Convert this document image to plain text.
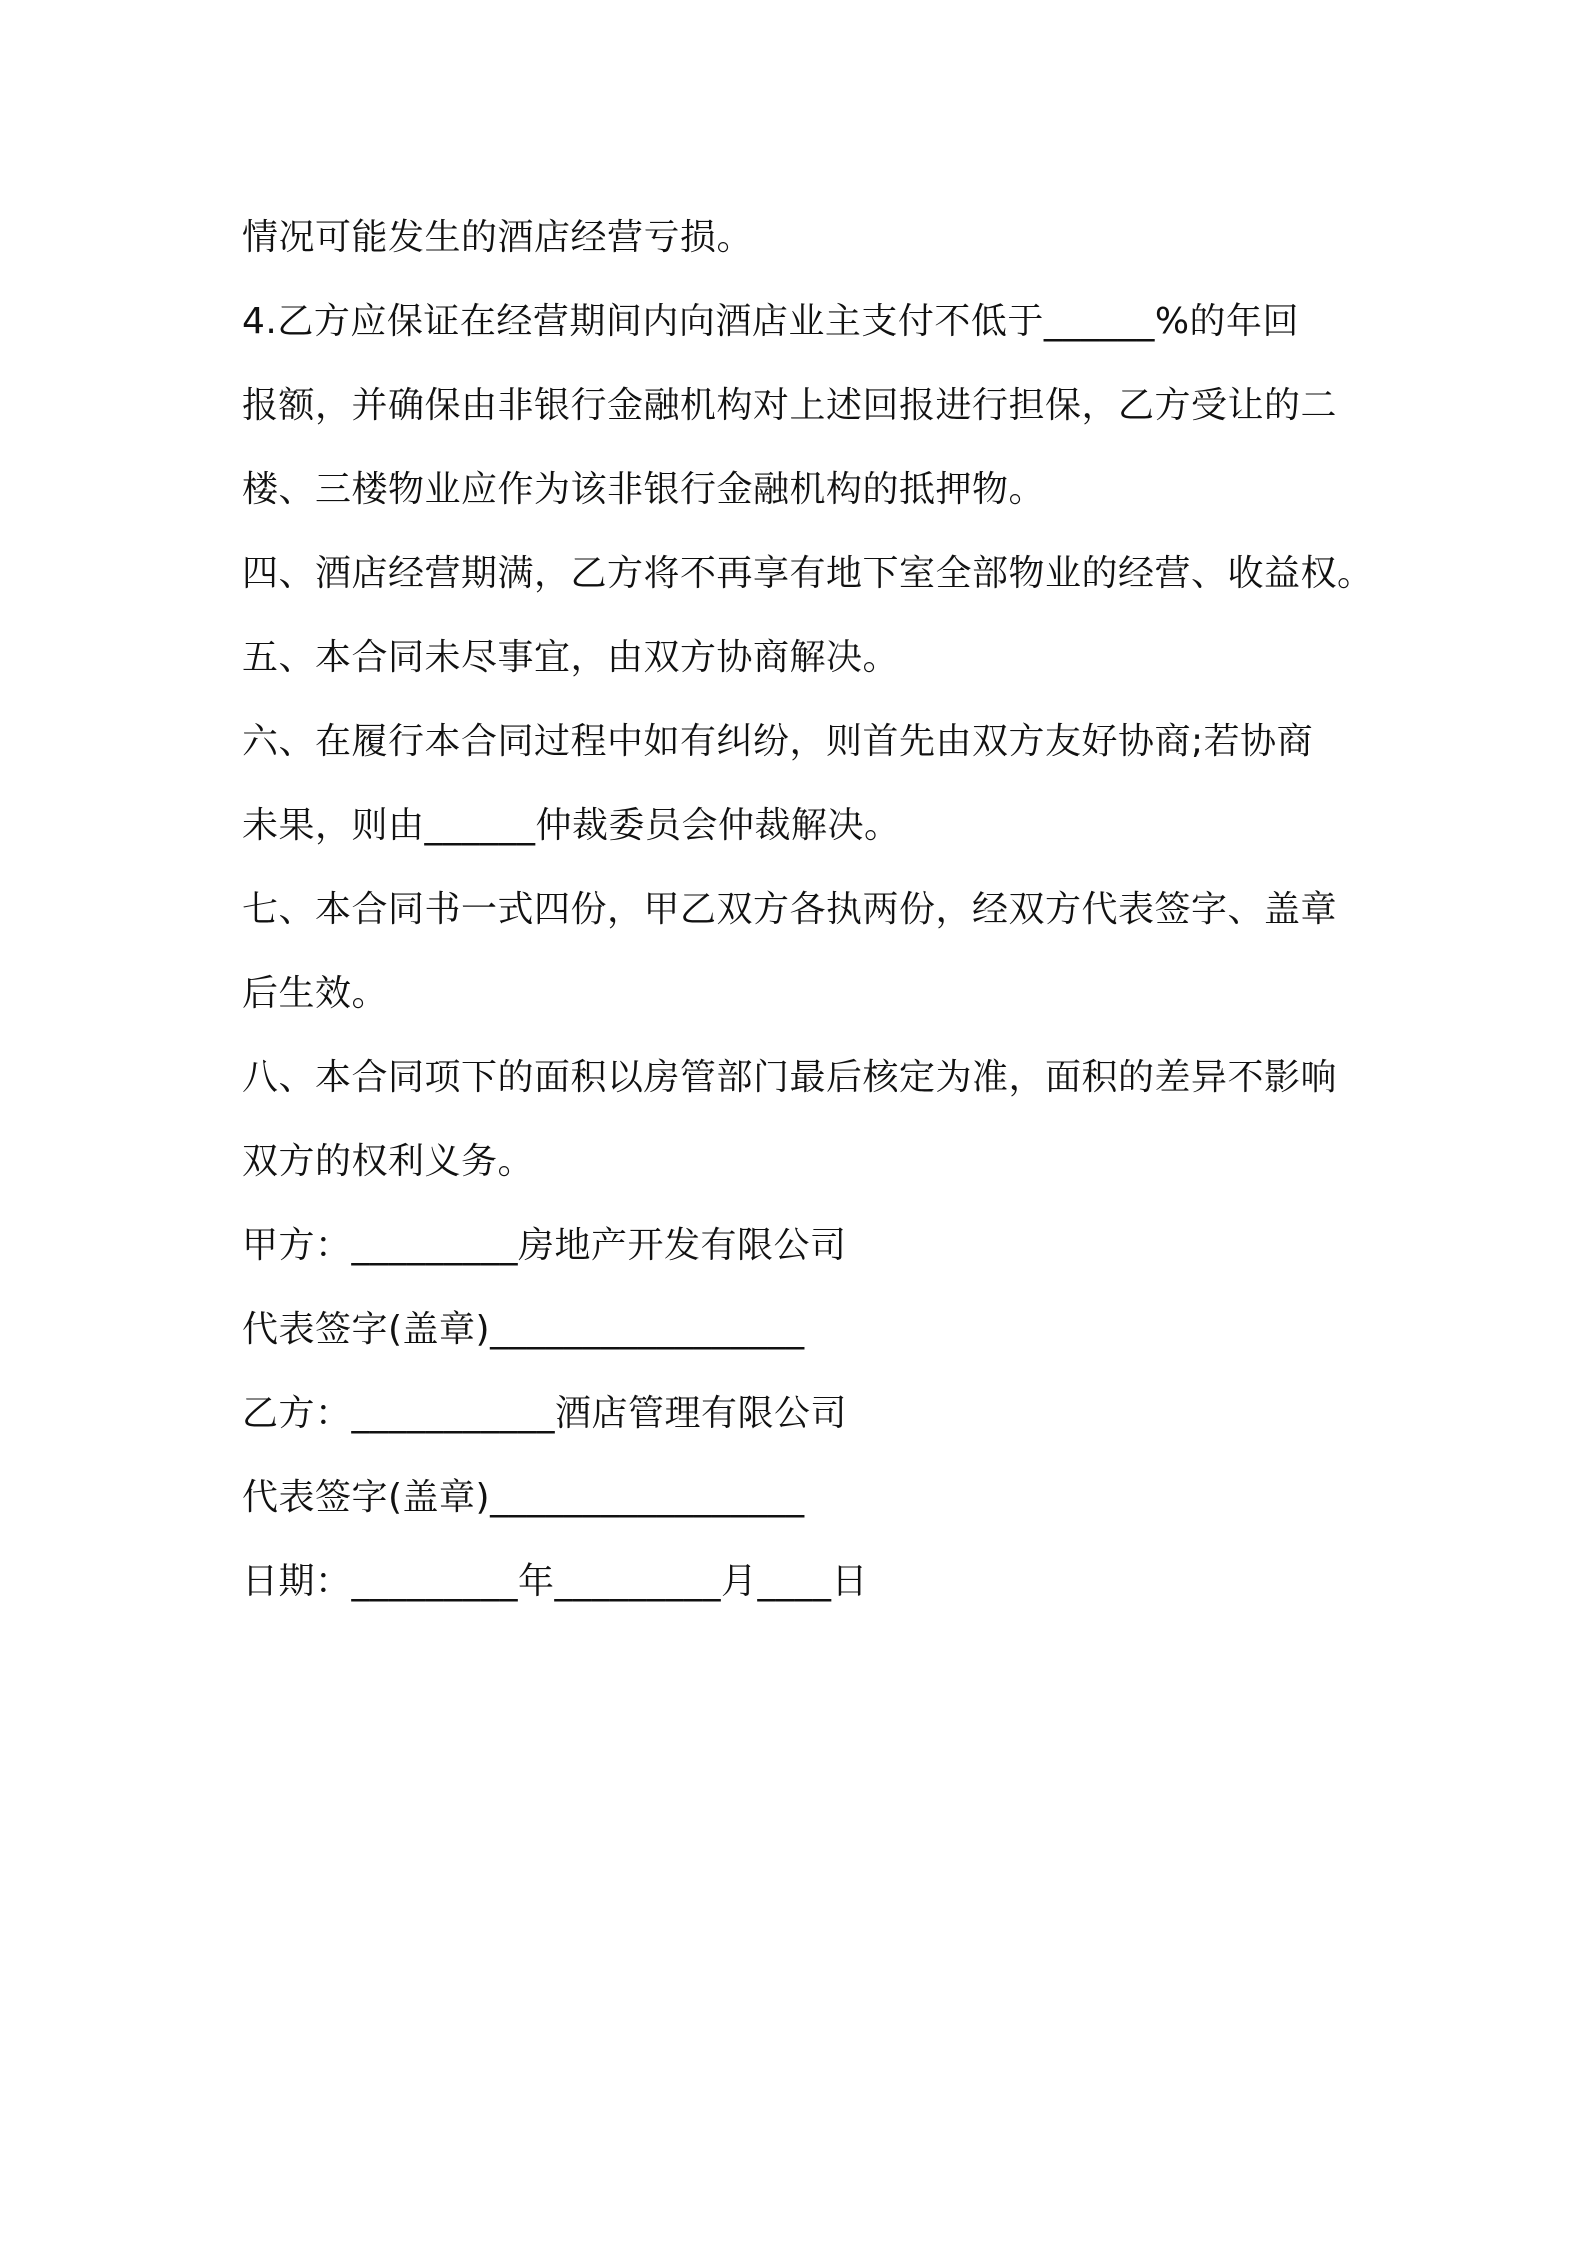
情况可能发生的酒店经营亏损。
4.乙方应保证在经营期间内向酒店业主支付不低于______%的年回
报额，并确保由非银行金融机构对上述回报进行担保，乙方受让的二
楼、三楼物业应作为该非银行金融机构的抵押物。
四、酒店经营期满，乙方将不再享有地下室全部物业的经营、收益权。
五、本合同未尽事宜，由双方协商解决。
六、在履行本合同过程中如有纠纷，则首先由双方友好协商;若协商
未果，则由______仲裁委员会仲裁解决。
七、本合同书一式四份，甲乙双方各执两份，经双方代表签字、盖章
后生效。
八、本合同项下的面积以房管部门最后核定为准，面积的差异不影响
双方的权利义务。
甲方：_________房地产开发有限公司
代表签字(盖章)_________________
乙方：___________酒店管理有限公司
代表签字(盖章)_________________
日期：_________年_________月____日
